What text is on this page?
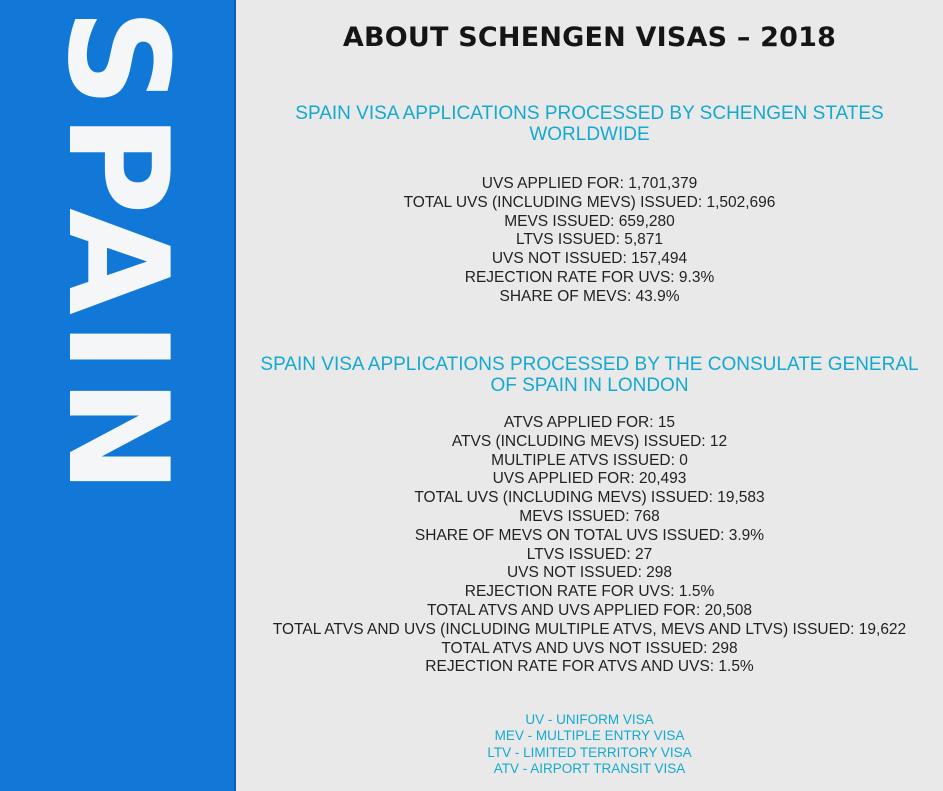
SPAIN	ABOUT SCHENGEN VISAS – 2018
SPAIN VISA APPLICATIONS PROCESSED BY SCHENGEN STATES
WORLDWIDE
UVS APPLIED FOR: 1,701,379
TOTAL UVS (INCLUDING MEVS) ISSUED: 1,502,696
MEVS ISSUED: 659,280
LTVS ISSUED: 5,871
UVS NOT ISSUED: 157,494
REJECTION RATE FOR UVS: 9.3%
SHARE OF MEVS: 43.9%
SPAIN VISA APPLICATIONS PROCESSED BY THE CONSULATE GENERAL
OF SPAIN IN LONDON
ATVS APPLIED FOR: 15
ATVS (INCLUDING MEVS) ISSUED: 12
MULTIPLE ATVS ISSUED: 0
UVS APPLIED FOR: 20,493
TOTAL UVS (INCLUDING MEVS) ISSUED: 19,583
MEVS ISSUED: 768
SHARE OF MEVS ON TOTAL UVS ISSUED: 3.9%
LTVS ISSUED: 27
UVS NOT ISSUED: 298
REJECTION RATE FOR UVS: 1.5%
TOTAL ATVS AND UVS APPLIED FOR: 20,508
TOTAL ATVS AND UVS (INCLUDING MULTIPLE ATVS, MEVS AND LTVS) ISSUED: 19,622
TOTAL ATVS AND UVS NOT ISSUED: 298
REJECTION RATE FOR ATVS AND UVS: 1.5%
UV - UNIFORM VISA
MEV - MULTIPLE ENTRY VISA
LTV - LIMITED TERRITORY VISA
ATV - AIRPORT TRANSIT VISA
